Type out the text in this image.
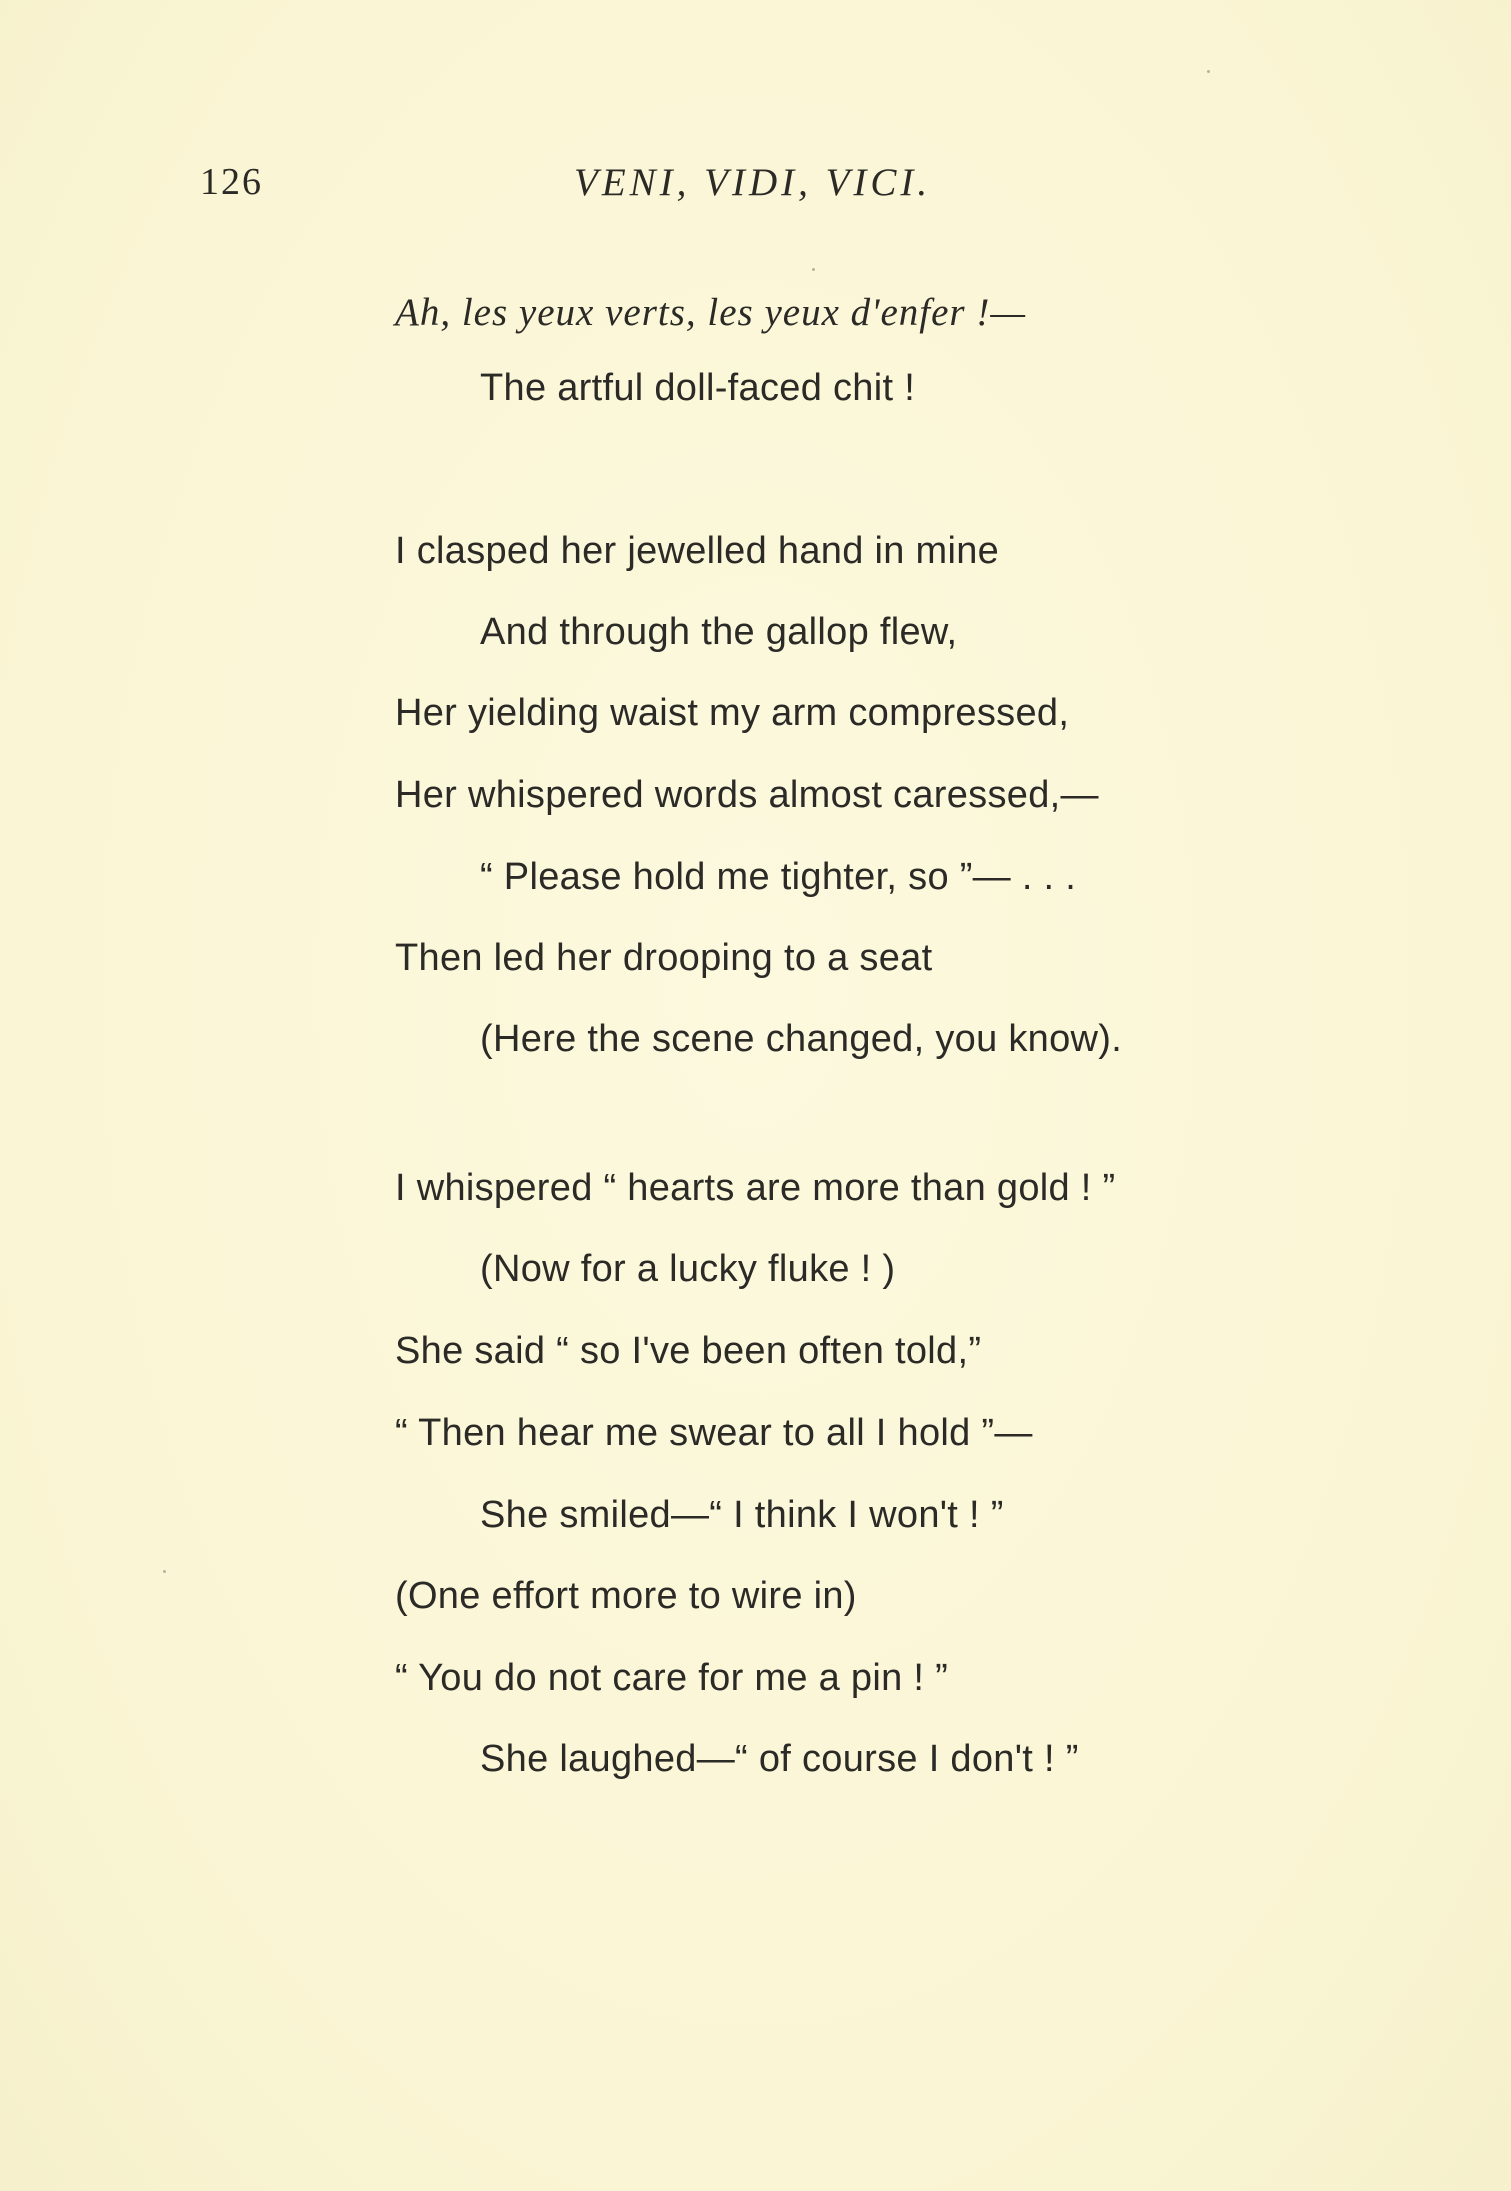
126	VENI, VIDI, VICI.
Ah, les yeux verts, les yeux d'enfer !—
The artful doll-faced chit !
I clasped her jewelled hand in mine
And through the gallop flew,
Her yielding waist my arm compressed,
Her whispered words almost caressed,—
“ Please hold me tighter, so ”— . . .
Then led her drooping to a seat
(Here the scene changed, you know).
I whispered “ hearts are more than gold ! ”
(Now for a lucky fluke ! )
She said “ so I've been often told,”
“ Then hear me swear to all I hold ”—
She smiled—“ I think I won't ! ”
(One effort more to wire in)
“ You do not care for me a pin ! ”
She laughed—“ of course I don't ! ”
